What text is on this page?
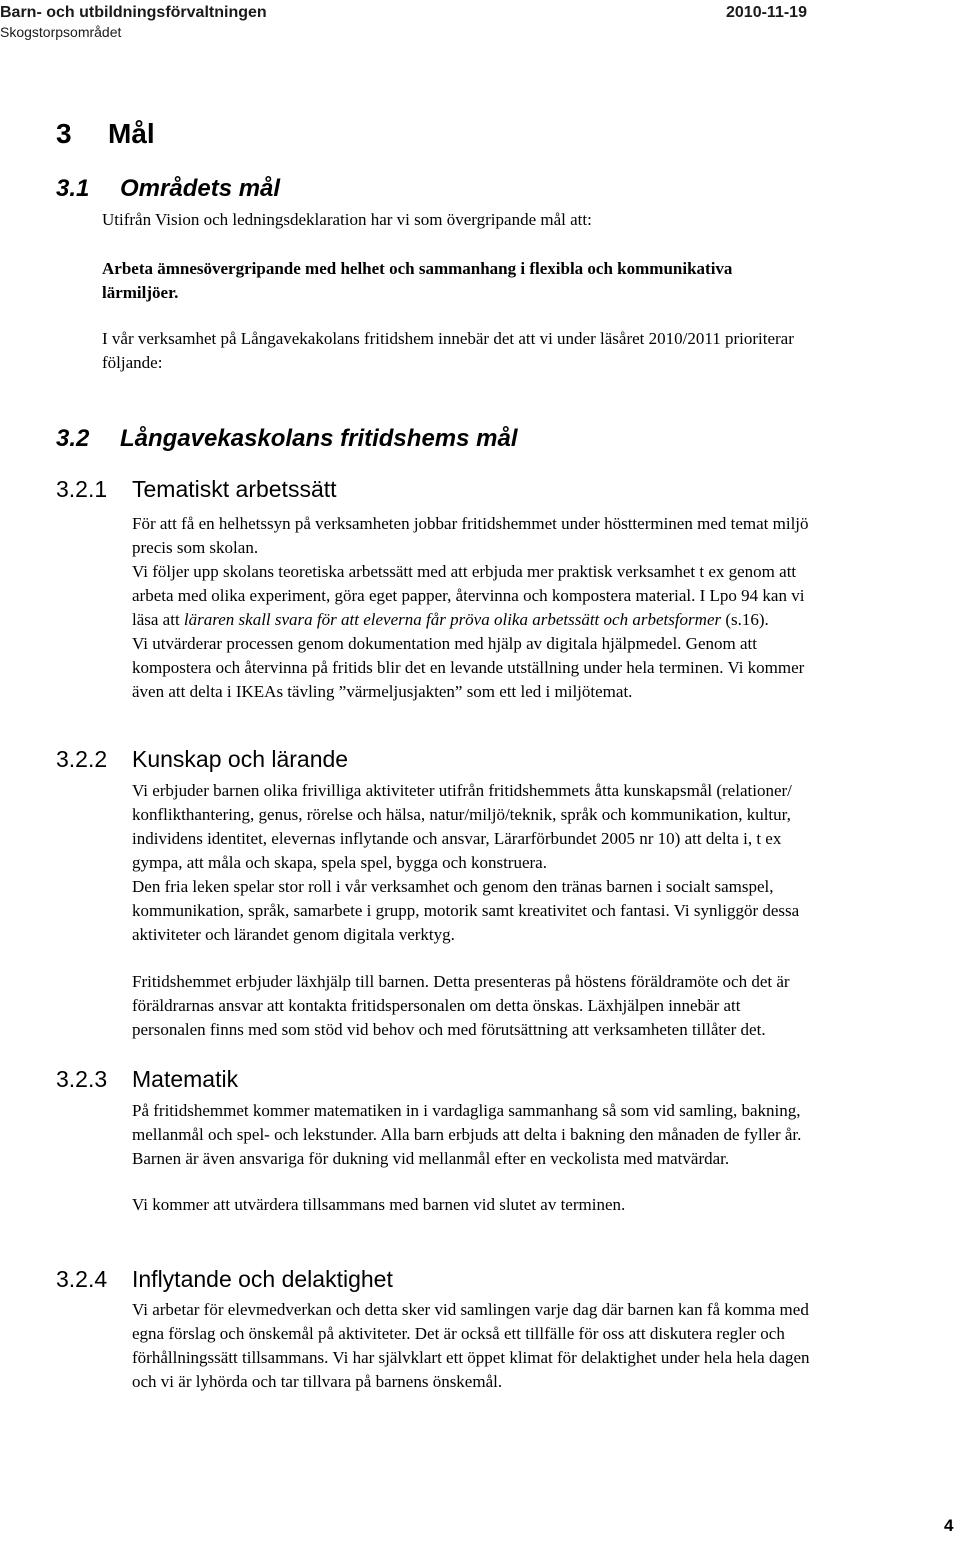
Barn- och utbildningsförvaltningen
Skogstorpsområdet
2010-11-19
3 Mål
3.1 Områdets mål
Utifrån Vision och ledningsdeklaration har vi som övergripande mål att:
Arbeta ämnesövergripande med helhet och sammanhang i flexibla och kommunikativa
lärmiljöer.
I vår verksamhet på Långavekakolans fritidshem innebär det att vi under läsåret 2010/2011 prioriterar
följande:
3.2 Långavekaskolans fritidshems mål
3.2.1 Tematiskt arbetssätt
För att få en helhetssyn på verksamheten jobbar fritidshemmet under höstterminen med temat miljö
precis som skolan.
Vi följer upp skolans teoretiska arbetssätt med att erbjuda mer praktisk verksamhet t ex genom att
arbeta med olika experiment, göra eget papper, återvinna och kompostera material. I Lpo 94 kan vi
läsa att läraren skall svara för att eleverna får pröva olika arbetssätt och arbetsformer (s.16).
Vi utvärderar processen genom dokumentation med hjälp av digitala hjälpmedel. Genom att
kompostera och återvinna på fritids blir det en levande utställning under hela terminen. Vi kommer
även att delta i IKEAs tävling ”värmeljusjakten” som ett led i miljötemat.
3.2.2 Kunskap och lärande
Vi erbjuder barnen olika frivilliga aktiviteter utifrån fritidshemmets åtta kunskapsmål (relationer/
konflikthantering, genus, rörelse och hälsa, natur/miljö/teknik, språk och kommunikation, kultur,
individens identitet, elevernas inflytande och ansvar, Lärarförbundet 2005 nr 10) att delta i, t ex
gympa, att måla och skapa, spela spel, bygga och konstruera.
Den fria leken spelar stor roll i vår verksamhet och genom den tränas barnen i socialt samspel,
kommunikation, språk, samarbete i grupp, motorik samt kreativitet och fantasi. Vi synliggör dessa
aktiviteter och lärandet genom digitala verktyg.
Fritidshemmet erbjuder läxhjälp till barnen. Detta presenteras på höstens föräldramöte och det är
föräldrarnas ansvar att kontakta fritidspersonalen om detta önskas. Läxhjälpen innebär att
personalen finns med som stöd vid behov och med förutsättning att verksamheten tillåter det.
3.2.3 Matematik
På fritidshemmet kommer matematiken in i vardagliga sammanhang så som vid samling, bakning,
mellanmål och spel- och lekstunder. Alla barn erbjuds att delta i bakning den månaden de fyller år.
Barnen är även ansvariga för dukning vid mellanmål efter en veckolista med matvärdar.
Vi kommer att utvärdera tillsammans med barnen vid slutet av terminen.
3.2.4 Inflytande och delaktighet
Vi arbetar för elevmedverkan och detta sker vid samlingen varje dag där barnen kan få komma med
egna förslag och önskemål på aktiviteter. Det är också ett tillfälle för oss att diskutera regler och
förhållningssätt tillsammans. Vi har självklart ett öppet klimat för delaktighet under hela hela dagen
och vi är lyhörda och tar tillvara på barnens önskemål.
4
